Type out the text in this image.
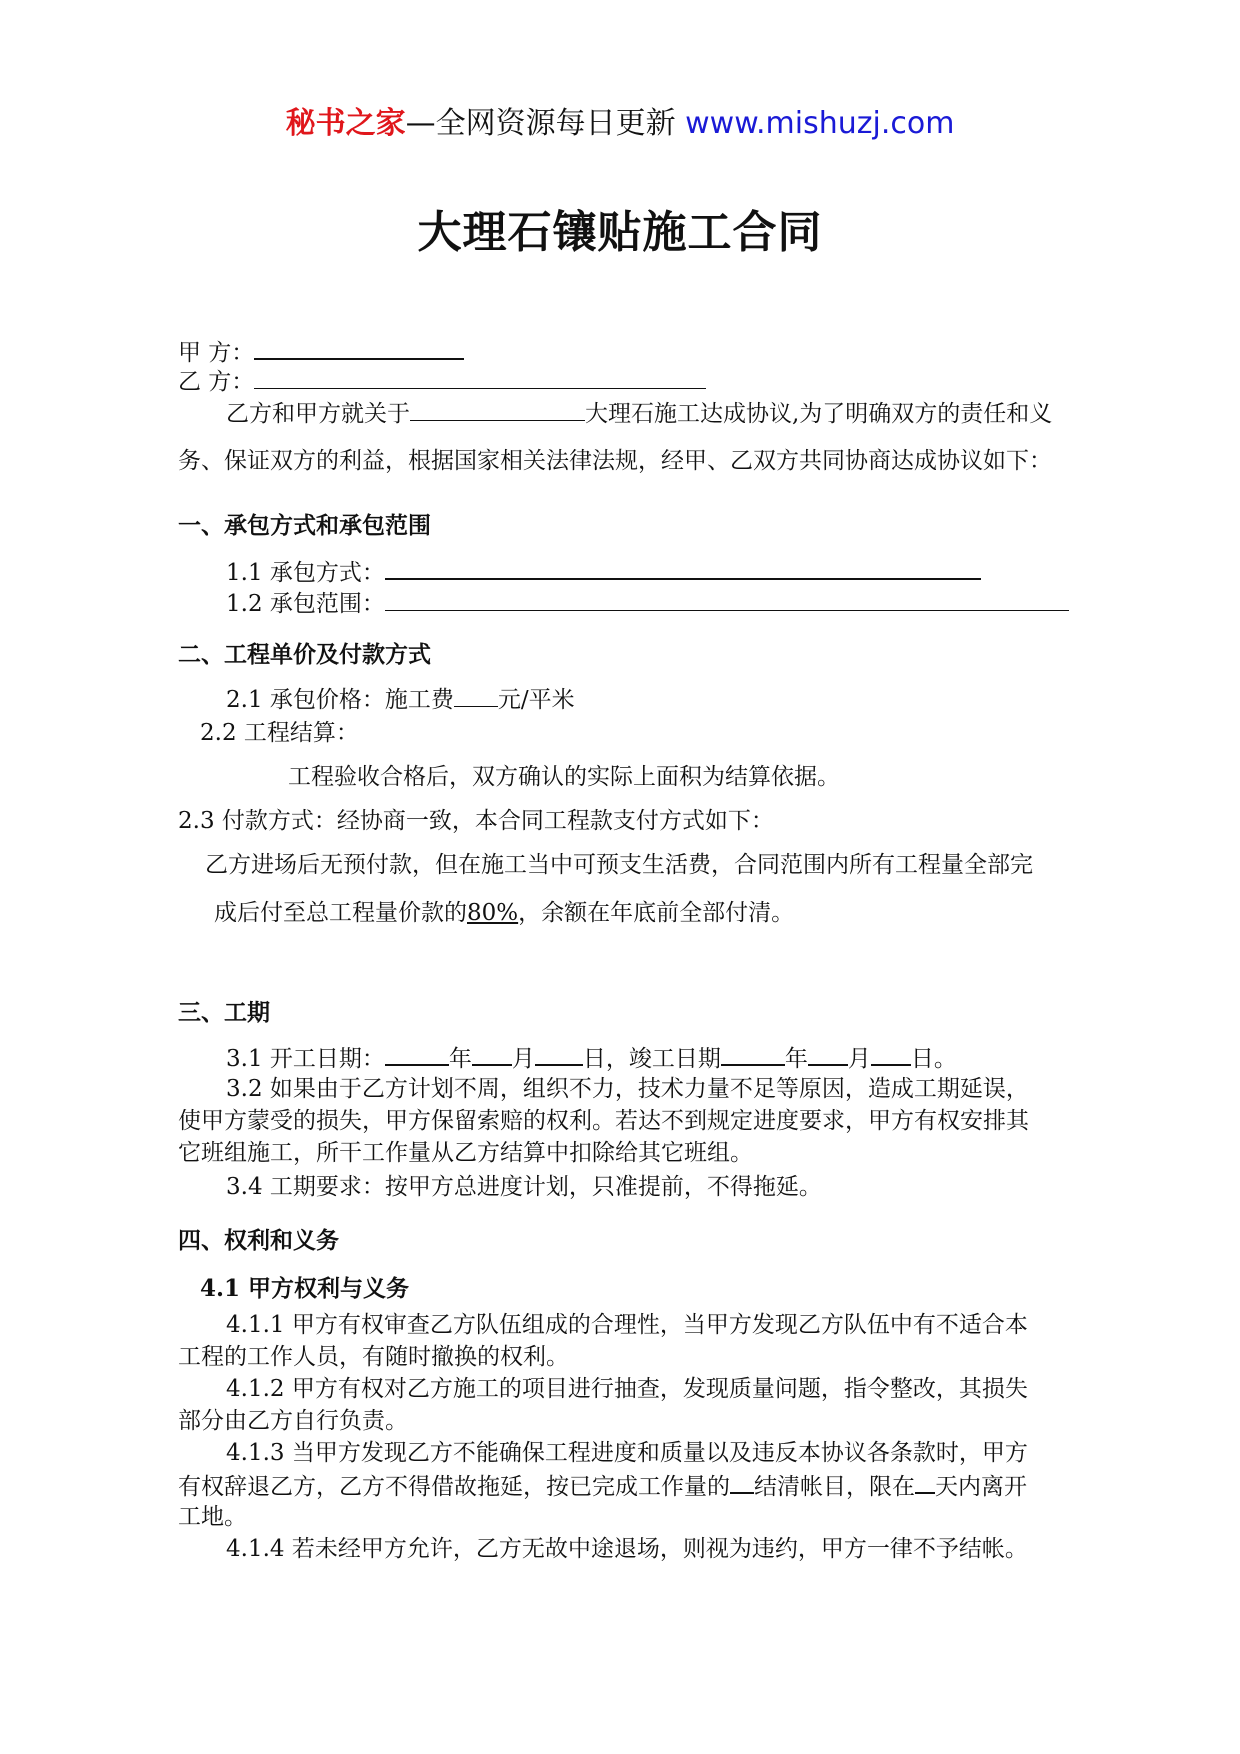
秘书之家—全网资源每日更新 www.mishuzj.com
大理石镶贴施工合同
甲 方：
乙 方：
乙方和甲方就关于	大理石施工达成协议,为了明确双方的责任和义
务、保证双方的利益，根据国家相关法律法规，经甲、乙双方共同协商达成协议如下：
一、承包方式和承包范围
1.1 承包方式：
1.2 承包范围：
二、工程单价及付款方式
2.1 承包价格：施工费 元/平米
2.2 工程结算：
工程验收合格后，双方确认的实际上面积为结算依据。
2.3 付款方式：经协商一致，本合同工程款支付方式如下：
乙方进场后无预付款，但在施工当中可预支生活费，合同范围内所有工程量全部完
成后付至总工程量价款的80%，余额在年底前全部付清。
三、工期
3.1 开工日期：	年 月 日，竣工日期	年 月 日。
3.2 如果由于乙方计划不周，组织不力，技术力量不足等原因，造成工期延误，
使甲方蒙受的损失，甲方保留索赔的权利。若达不到规定进度要求，甲方有权安排其
它班组施工，所干工作量从乙方结算中扣除给其它班组。
3.4 工期要求：按甲方总进度计划，只准提前，不得拖延。
四、权利和义务
4.1 甲方权利与义务
4.1.1 甲方有权审查乙方队伍组成的合理性，当甲方发现乙方队伍中有不适合本
工程的工作人员，有随时撤换的权利。
4.1.2 甲方有权对乙方施工的项目进行抽查，发现质量问题，指令整改，其损失
部分由乙方自行负责。
4.1.3 当甲方发现乙方不能确保工程进度和质量以及违反本协议各条款时，甲方
有权辞退乙方，乙方不得借故拖延，按已完成工作量的 结清帐目，限在 天内离开
工地。
4.1.4 若未经甲方允许，乙方无故中途退场，则视为违约，甲方一律不予结帐。
